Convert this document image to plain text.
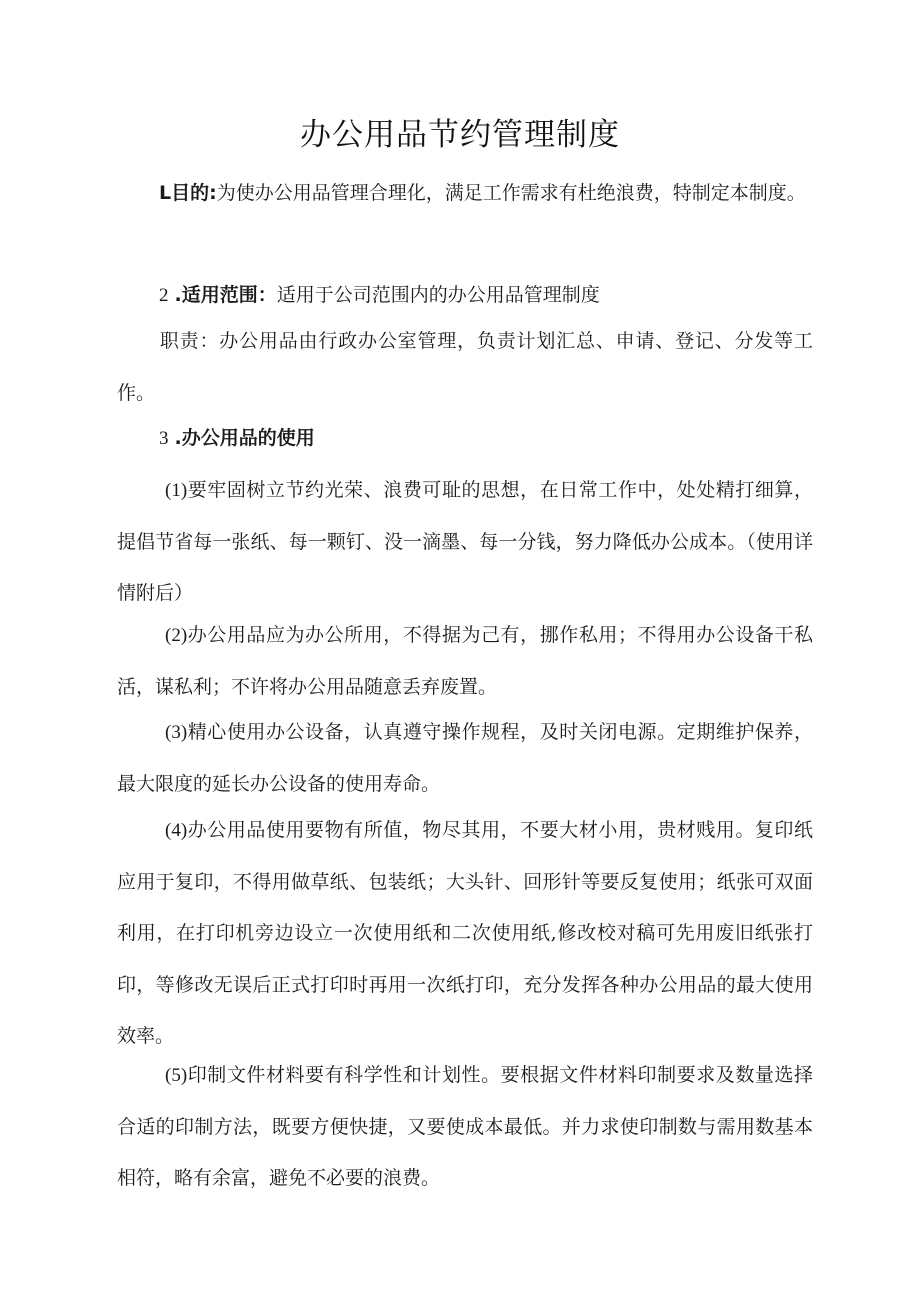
办公用品节约管理制度
L目的:为使办公用品管理合理化，满足工作需求有杜绝浪费，特制定本制度。
2 .适用范围：适用于公司范围内的办公用品管理制度
职责：办公用品由行政办公室管理，负责计划汇总、申请、登记、分发等工作。
3 .办公用品的使用
(1)要牢固树立节约光荣、浪费可耻的思想，在日常工作中，处处精打细算，提倡节省每一张纸、每一颗钉、没一滴墨、每一分钱，努力降低办公成本。（使用详情附后）
(2)办公用品应为办公所用，不得据为己有，挪作私用；不得用办公设备干私活，谋私利；不许将办公用品随意丢弃废置。
(3)精心使用办公设备，认真遵守操作规程，及时关闭电源。定期维护保养，最大限度的延长办公设备的使用寿命。
(4)办公用品使用要物有所值，物尽其用，不要大材小用，贵材贱用。复印纸应用于复印，不得用做草纸、包装纸；大头针、回形针等要反复使用；纸张可双面利用，在打印机旁边设立一次使用纸和二次使用纸,修改校对稿可先用废旧纸张打印，等修改无误后正式打印时再用一次纸打印，充分发挥各种办公用品的最大使用效率。
(5)印制文件材料要有科学性和计划性。要根据文件材料印制要求及数量选择合适的印制方法，既要方便快捷，又要使成本最低。并力求使印制数与需用数基本相符，略有余富，避免不必要的浪费。
